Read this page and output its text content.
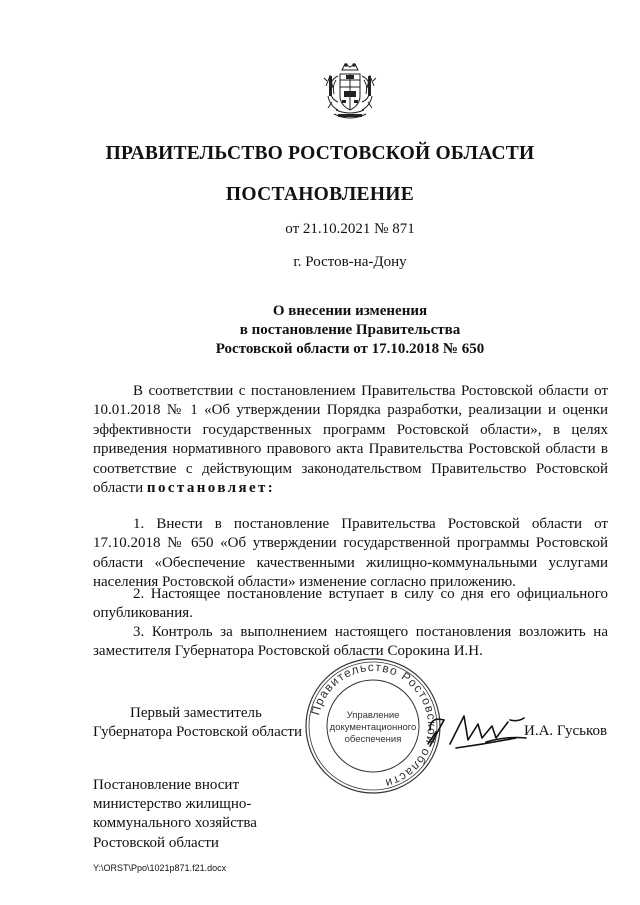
ПРАВИТЕЛЬСТВО РОСТОВСКОЙ ОБЛАСТИ
ПОСТАНОВЛЕНИЕ
от 21.10.2021 № 871
г. Ростов-на-Дону
О внесении изменения
в постановление Правительства
Ростовской области от 17.10.2018 № 650
В соответствии с постановлением Правительства Ростовской области от 10.01.2018 № 1 «Об утверждении Порядка разработки, реализации и оценки эффективности государственных программ Ростовской области», в целях приведения нормативного правового акта Правительства Ростовской области в соответствие с действующим законодательством Правительство Ростовской области постановляет:
1. Внести в постановление Правительства Ростовской области от 17.10.2018 № 650 «Об утверждении государственной программы Ростовской области «Обеспечение качественными жилищно-коммунальными услугами населения Ростовской области» изменение согласно приложению.
2. Настоящее постановление вступает в силу со дня его официального опубликования.
3. Контроль за выполнением настоящего постановления возложить на заместителя Губернатора Ростовской области Сорокина И.Н.
Первый заместитель
Губернатора Ростовской области
Правительство Ростовской области
Управление
документационного
обеспечения
И.А. Гуськов
Постановление вносит
министерство жилищно-
коммунального хозяйства
Ростовской области
Y:\ORST\Ppo\1021p871.f21.docx
